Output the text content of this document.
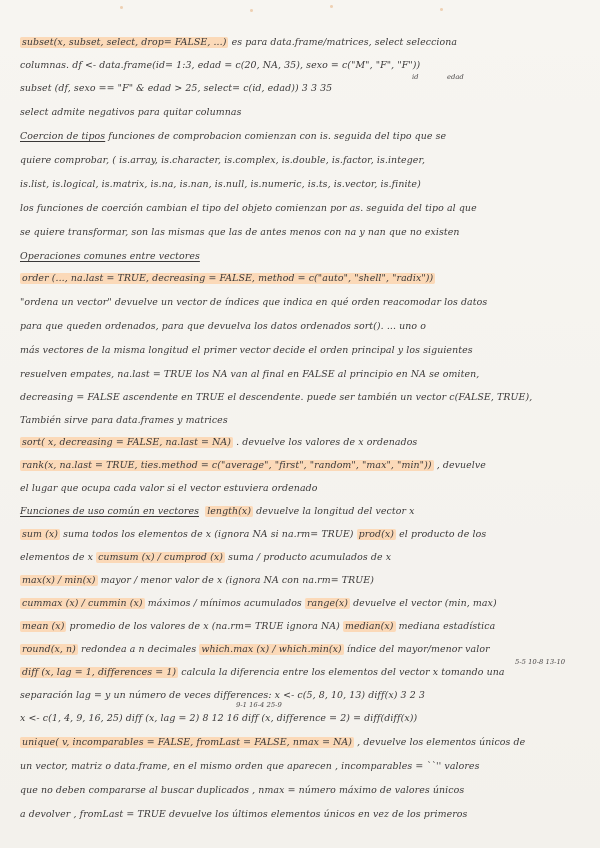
subset(x, subset, select, drop= FALSE, ...) es para data.frame/matrices, select selecciona
columnas. df <- data.frame(id= 1:3, edad = c(20, NA, 35), sexo = c("M", "F", "F"))
id	edad
subset (df, sexo == "F" & edad > 25, select= c(id, edad)) 3 3 35
select admite negativos para quitar columnas
Coercion de tipos funciones de comprobacion comienzan con is. seguida del tipo que se
quiere comprobar, ( is.array, is.character, is.complex, is.double, is.factor, is.integer,
is.list, is.logical, is.matrix, is.na, is.nan, is.null, is.numeric, is.ts, is.vector, is.finite)
los funciones de coerción cambian el tipo del objeto comienzan por as. seguida del tipo al que
se quiere transformar, son las mismas que las de antes menos con na y nan que no existen
Operaciones comunes entre vectores
order (..., na.last = TRUE, decreasing = FALSE, method = c("auto", "shell", "radix"))
"ordena un vector" devuelve un vector de índices que indica en qué orden reacomodar los datos
para que queden ordenados, para que devuelva los datos ordenados sort(). ... uno o
más vectores de la misma longitud el primer vector decide el orden principal y los siguientes
resuelven empates, na.last = TRUE los NA van al final en FALSE al principio en NA se omiten,
decreasing = FALSE ascendente en TRUE el descendente. puede ser también un vector c(FALSE, TRUE),
También sirve para data.frames y matrices
sort( x, decreasing = FALSE, na.last = NA) . devuelve los valores de x ordenados
rank(x, na.last = TRUE, ties.method = c("average", "first", "random", "max", "min")) , devuelve
el lugar que ocupa cada valor si el vector estuviera ordenado
Funciones de uso común en vectores length(x) devuelve la longitud del vector x
sum (x) suma todos los elementos de x (ignora NA si na.rm= TRUE) prod(x) el producto de los
elementos de x cumsum (x) / cumprod (x) suma / producto acumulados de x
max(x) / min(x) mayor / menor valor de x (ignora NA con na.rm= TRUE)
cummax (x) / cummin (x) máximos / mínimos acumulados range(x) devuelve el vector (min, max)
mean (x) promedio de los valores de x (na.rm= TRUE ignora NA) median(x) mediana estadística
round(x, n) redondea a n decimales which.max (x) / which.min(x) índice del mayor/menor valor
5-5 10-8 13-10
diff (x, lag = 1, differences = 1) calcula la diferencia entre los elementos del vector x tomando una
separación lag = y un número de veces differences: x <- c(5, 8, 10, 13) diff(x) 3 2 3
9-1 16-4 25-9
x <- c(1, 4, 9, 16, 25) diff (x, lag = 2) 8 12 16 diff (x, difference = 2) = diff(diff(x))
unique( v, incomparables = FALSE, fromLast = FALSE, nmax = NA) , devuelve los elementos únicos de
un vector, matriz o data.frame, en el mismo orden que aparecen , incomparables = ``'' valores
que no deben compararse al buscar duplicados , nmax = número máximo de valores únicos
a devolver , fromLast = TRUE devuelve los últimos elementos únicos en vez de los primeros
